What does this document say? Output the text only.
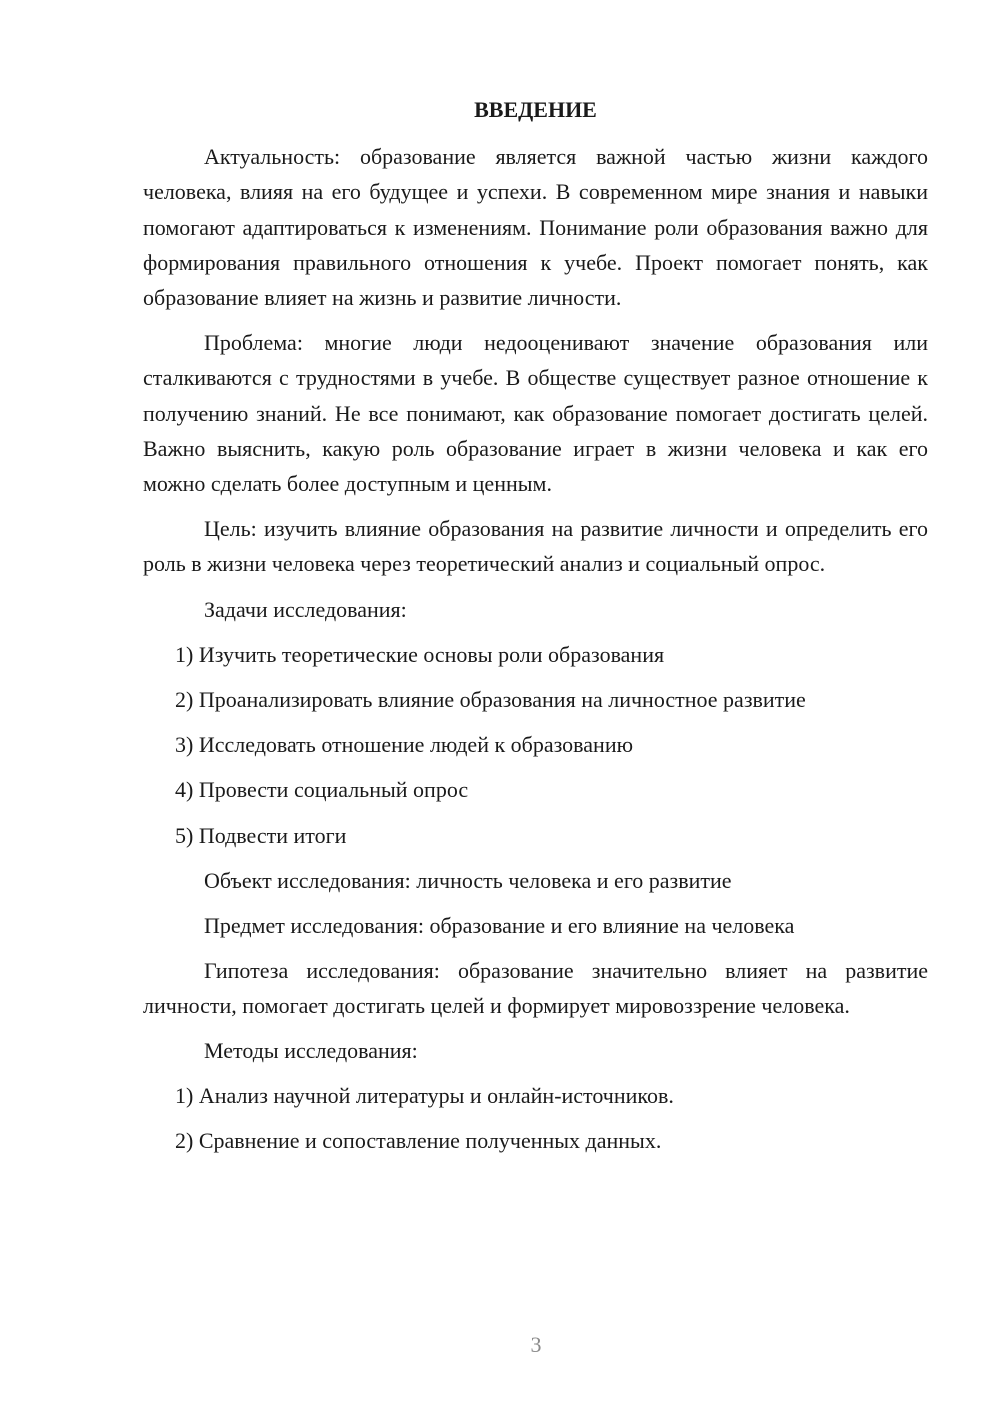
ВВЕДЕНИЕ

Актуальность: образование является важной частью жизни каждого человека, влияя на его будущее и успехи. В современном мире знания и навыки помогают адаптироваться к изменениям. Понимание роли образования важно для формирования правильного отношения к учебе. Проект помогает понять, как образование влияет на жизнь и развитие личности.

Проблема: многие люди недооценивают значение образования или сталкиваются с трудностями в учебе. В обществе существует разное отношение к получению знаний. Не все понимают, как образование помогает достигать целей. Важно выяснить, какую роль образование играет в жизни человека и как его можно сделать более доступным и ценным.

Цель: изучить влияние образования на развитие личности и определить его роль в жизни человека через теоретический анализ и социальный опрос.

Задачи исследования:
1) Изучить теоретические основы роли образования
2) Проанализировать влияние образования на личностное развитие
3) Исследовать отношение людей к образованию
4) Провести социальный опрос
5) Подвести итоги
Объект исследования: личность человека и его развитие
Предмет исследования: образование и его влияние на человека

Гипотеза исследования: образование значительно влияет на развитие личности, помогает достигать целей и формирует мировоззрение человека.

Методы исследования:
1) Анализ научной литературы и онлайн-источников.
2) Сравнение и сопоставление полученных данных.
3
